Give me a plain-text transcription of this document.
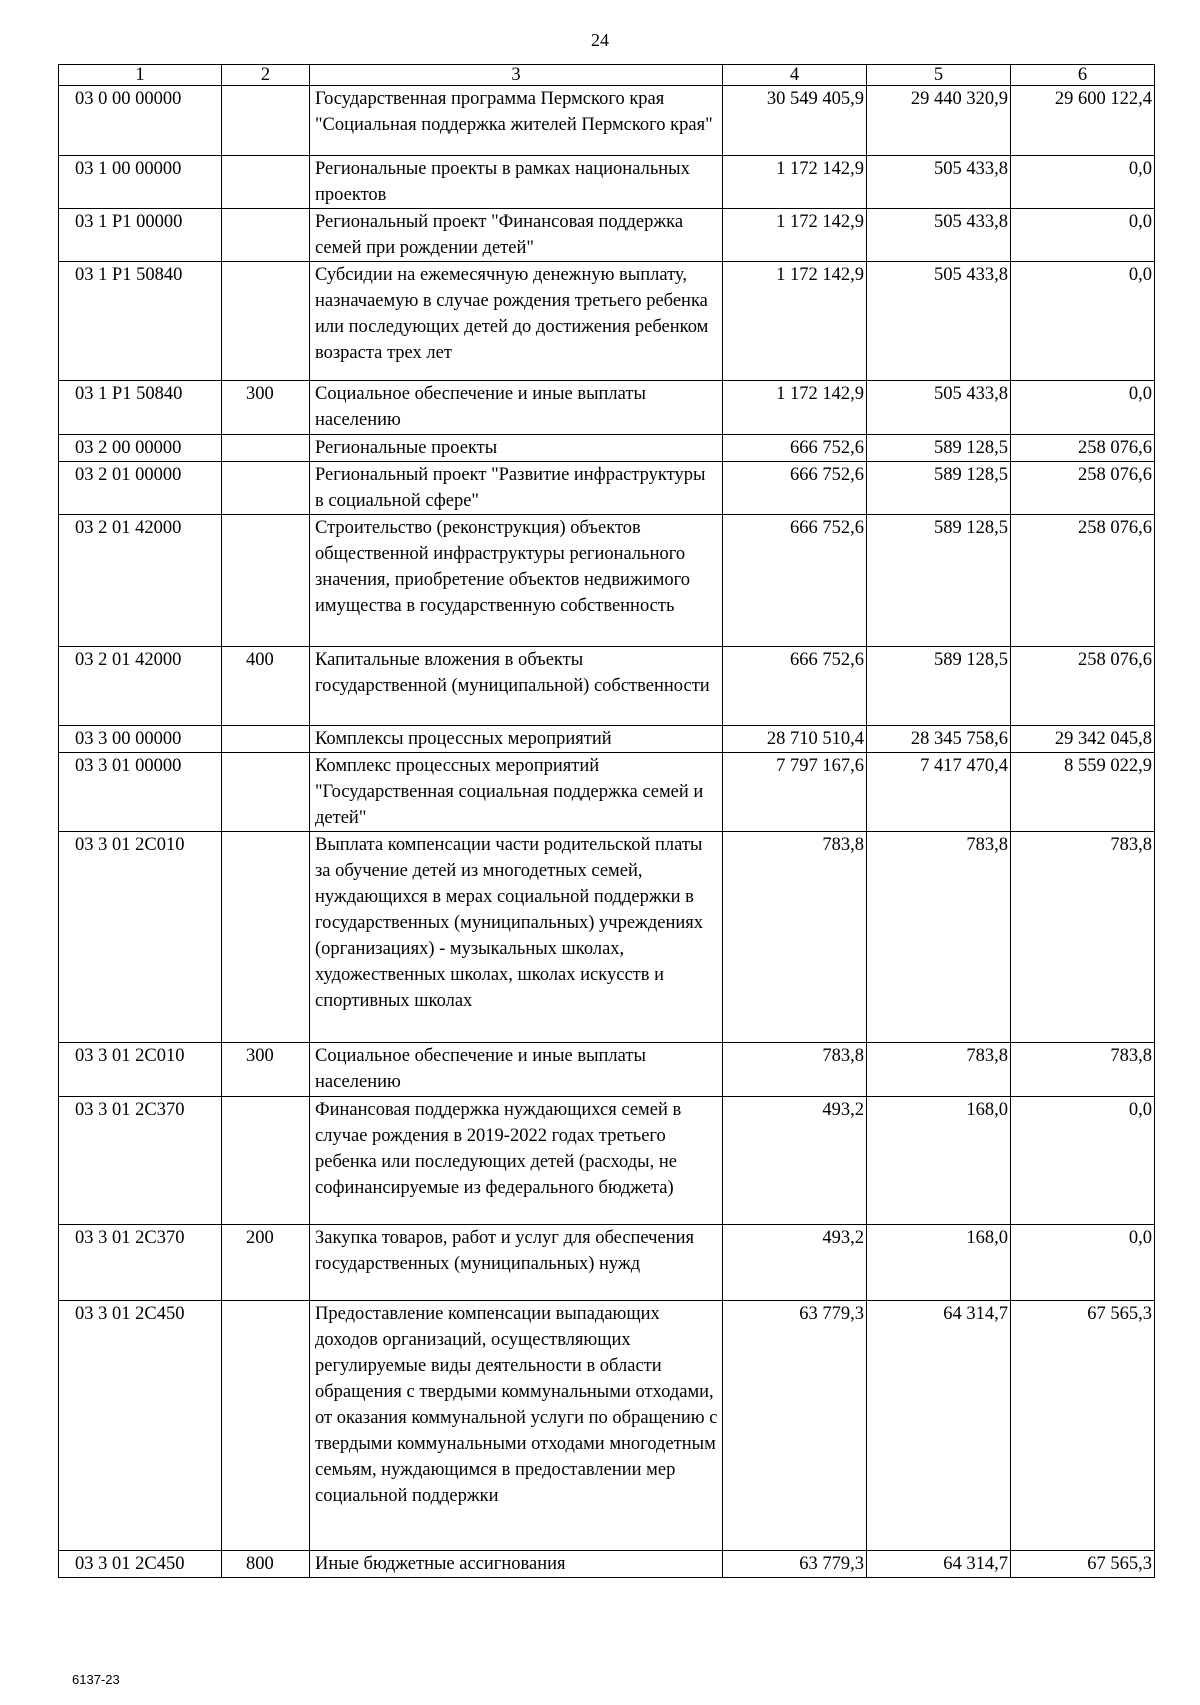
24
1	2	3	4	5	6
03 0 00 00000		Государственная программа Пермского края "Социальная поддержка жителей Пермского края"	30 549 405,9	29 440 320,9	29 600 122,4
03 1 00 00000		Региональные проекты в рамках национальных проектов	1 172 142,9	505 433,8	0,0
03 1 P1 00000		Региональный проект "Финансовая поддержка семей при рождении детей"	1 172 142,9	505 433,8	0,0
03 1 P1 50840		Субсидии на ежемесячную денежную выплату, назначаемую в случае рождения третьего ребенка или последующих детей до достижения ребенком возраста трех лет	1 172 142,9	505 433,8	0,0
03 1 P1 50840	300	Социальное обеспечение и иные выплаты населению	1 172 142,9	505 433,8	0,0
03 2 00 00000		Региональные проекты	666 752,6	589 128,5	258 076,6
03 2 01 00000		Региональный проект "Развитие инфраструктуры в социальной сфере"	666 752,6	589 128,5	258 076,6
03 2 01 42000		Строительство (реконструкция) объектов общественной инфраструктуры регионального значения, приобретение объектов недвижимого имущества в государственную собственность	666 752,6	589 128,5	258 076,6
03 2 01 42000	400	Капитальные вложения в объекты государственной (муниципальной) собственности	666 752,6	589 128,5	258 076,6
03 3 00 00000		Комплексы процессных мероприятий	28 710 510,4	28 345 758,6	29 342 045,8
03 3 01 00000		Комплекс процессных мероприятий "Государственная социальная поддержка семей и детей"	7 797 167,6	7 417 470,4	8 559 022,9
03 3 01 2C010		Выплата компенсации части родительской платы за обучение детей из многодетных семей, нуждающихся в мерах социальной поддержки в государственных (муниципальных) учреждениях (организациях) - музыкальных школах, художественных школах, школах искусств и спортивных школах	783,8	783,8	783,8
03 3 01 2C010	300	Социальное обеспечение и иные выплаты населению	783,8	783,8	783,8
03 3 01 2C370		Финансовая поддержка нуждающихся семей в случае рождения в 2019-2022 годах третьего ребенка или последующих детей (расходы, не софинансируемые из федерального бюджета)	493,2	168,0	0,0
03 3 01 2C370	200	Закупка товаров, работ и услуг для обеспечения государственных (муниципальных) нужд	493,2	168,0	0,0
03 3 01 2C450		Предоставление компенсации выпадающих доходов организаций, осуществляющих регулируемые виды деятельности в области обращения с твердыми коммунальными отходами, от оказания коммунальной услуги по обращению с твердыми коммунальными отходами многодетным семьям, нуждающимся в предоставлении мер социальной поддержки	63 779,3	64 314,7	67 565,3
03 3 01 2C450	800	Иные бюджетные ассигнования	63 779,3	64 314,7	67 565,3
6137-23
